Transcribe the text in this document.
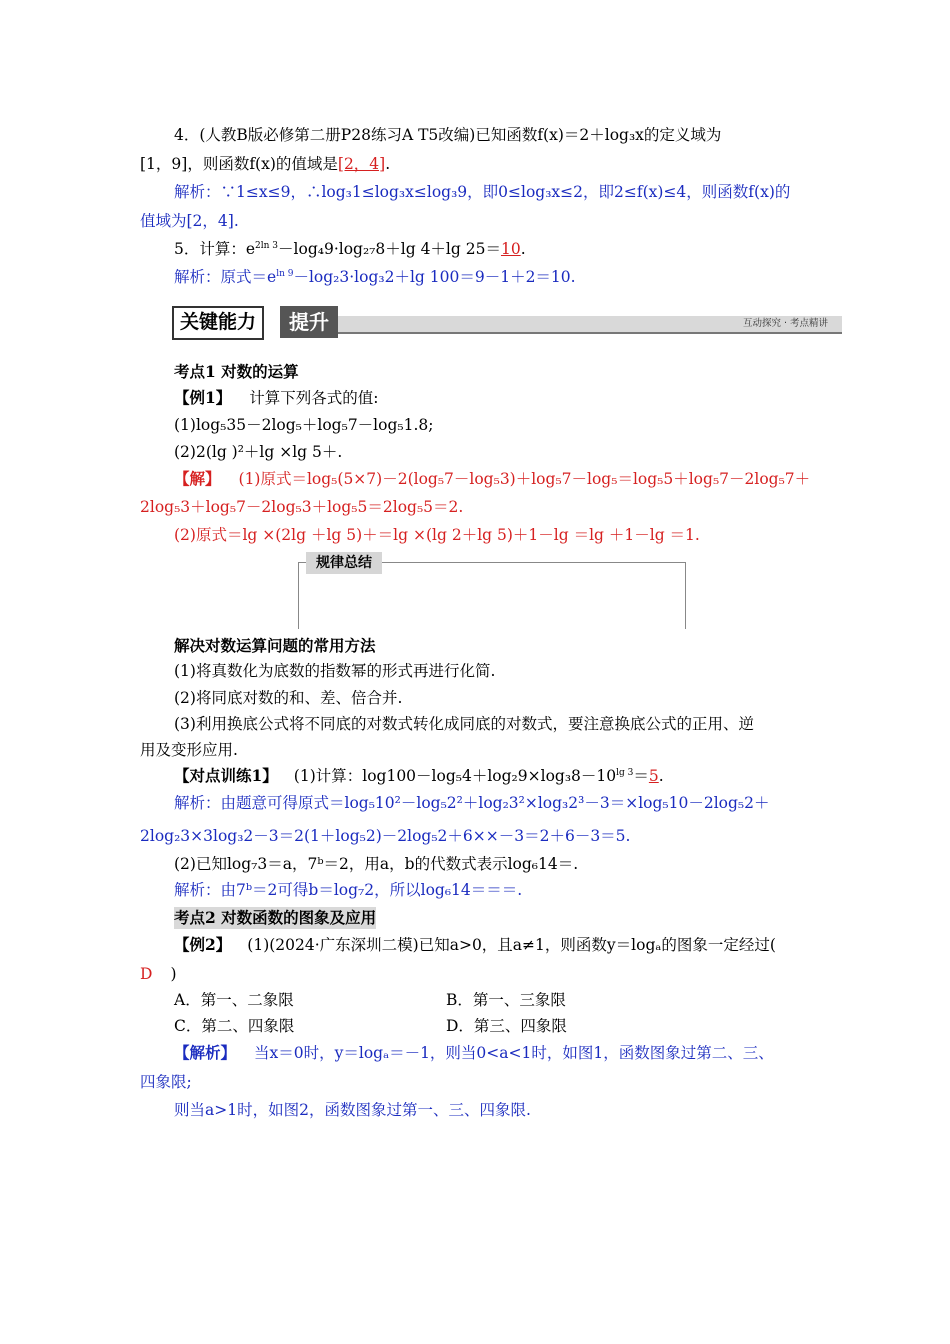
4．(人教B版必修第二册P28练习A T5改编)已知函数f(x)＝2＋log₃x的定义域为
[1，9]，则函数f(x)的值域是[2，4].
解析：∵1≤x≤9，∴log₃1≤log₃x≤log₃9，即0≤log₃x≤2，即2≤f(x)≤4，则函数f(x)的
值域为[2，4].
5．计算：$e^{2ln 3}-\log_49\cdot\log_{27}8+\lg$ 4＋lg 25＝10.
解析：原式$=e^{ln 9}-\log_23\cdot\log_32+\lg$ 100＝9－1＋2＝10.
关键能力	提升	互动探究 · 考点精讲
考点1 对数的运算
【例1】 计算下列各式的值:
(1)log₅35－2log₅＋log₅7－log₅1.8;
(2)2(lg )²＋lg ×lg 5＋.
【解】 (1)原式＝log₅(5×7)－2(log₅7－log₅3)＋log₅7－log₅＝log₅5＋log₅7－2log₅7＋
2log₅3＋log₅7－2log₅3＋log₅5＝2log₅5＝2.
(2)原式＝lg ×(2lg ＋lg 5)＋＝lg ×(lg 2＋lg 5)＋1－lg ＝lg ＋1－lg ＝1.
规律总结
解决对数运算问题的常用方法
(1)将真数化为底数的指数幂的形式再进行化简.
(2)将同底对数的和、差、倍合并.
(3)利用换底公式将不同底的对数式转化成同底的对数式，要注意换底公式的正用、逆
用及变形应用.
【对点训练1】 (1)计算：$\log 100-\log_54+\log_29\times\log_38-10^{lg 3}=5$.
解析：由题意可得原式＝log₅10²－log₅2²＋log₂3²×log₃2³－3＝×log₅10－2log₅2＋
2log₂3×3log₃2－3＝2(1＋log₅2)－2log₅2＋6××－3＝2＋6－3＝5.
(2)已知log₇3＝a，7ᵇ＝2，用a，b的代数式表示log₆14＝.
解析：由7ᵇ＝2可得b＝log₇2，所以log₆14＝＝＝.
考点2 对数函数的图象及应用
【例2】 (1)(2024·广东深圳二模)已知a>0，且a≠1，则函数y＝logₐ的图象一定经过(
D )
A．第一、二象限	B．第一、三象限
C．第二、四象限	D．第三、四象限
【解析】 当x＝0时，y＝logₐ＝－1，则当0<a<1时，如图1，函数图象过第二、三、
四象限;
则当a>1时，如图2，函数图象过第一、三、四象限.
